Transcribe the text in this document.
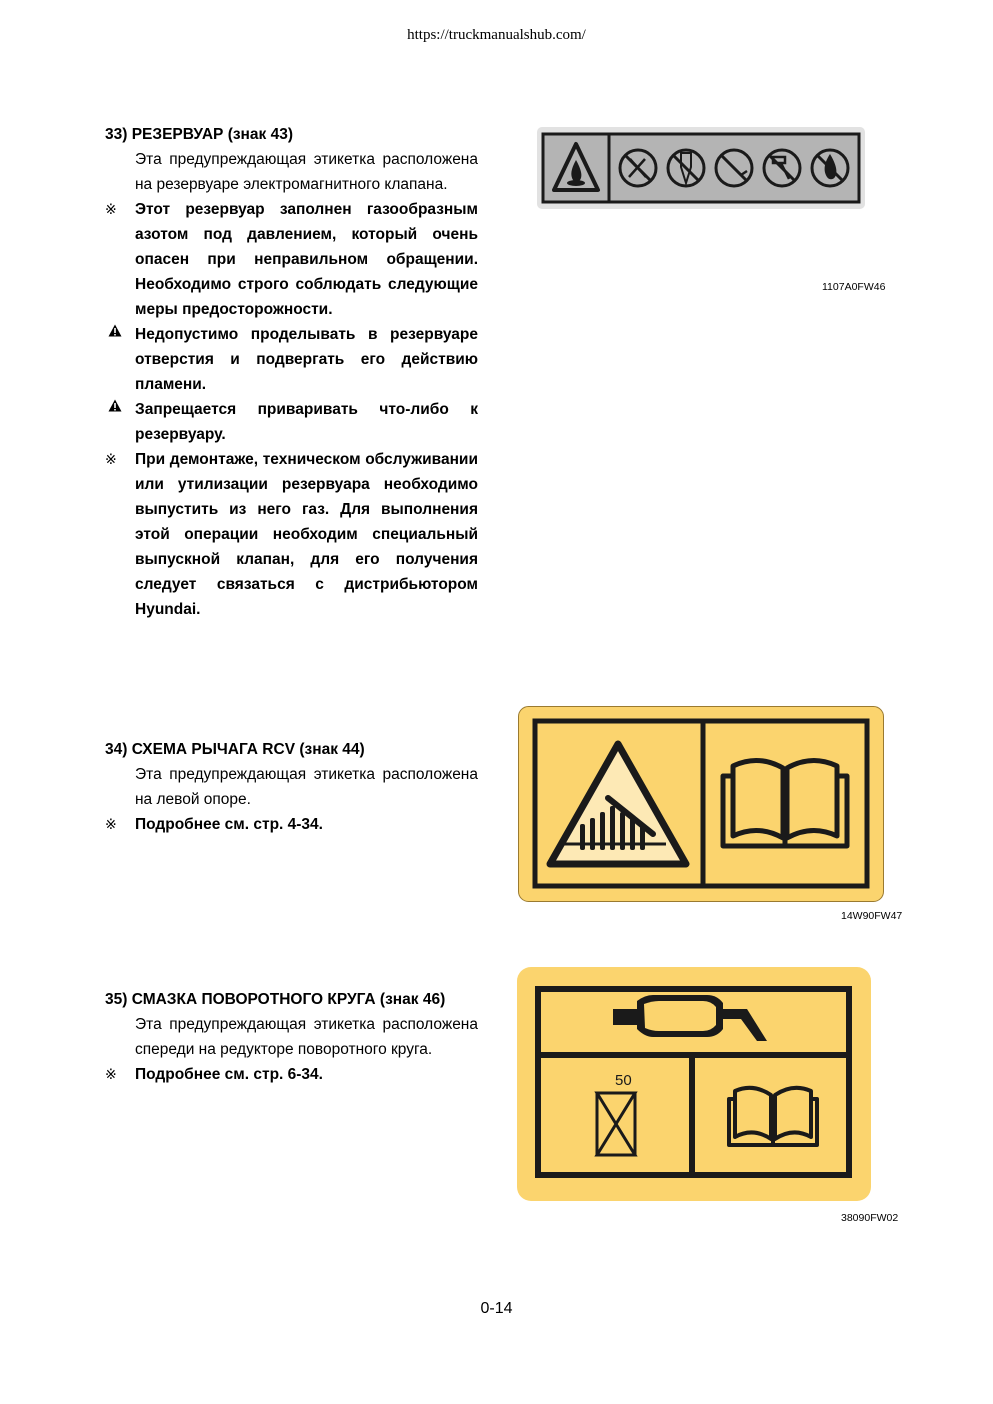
https://truckmanualshub.com/
33) РЕЗЕРВУАР (знак 43)

Эта предупреждающая этикетка расположена на резервуаре электромагнитного клапана.

※	Этот резервуар заполнен газообразным азотом под давлением, который очень опасен при неправильном обращении. Необходимо строго соблюдать следующие меры предосторожности.
Недопустимо проделывать в резервуаре отверстия и подвергать его действию пламени.
Запрещается приваривать что-либо к резервуару.
※	При демонтаже, техническом обслуживании или утилизации резервуара необходимо выпустить из него газ. Для выполнения этой операции необходим специальный выпускной клапан, для его получения следует связаться с дистрибьютором Hyundai.
1107A0FW46
34) СХЕМА РЫЧАГА RCV (знак 44)

Эта предупреждающая этикетка расположена на левой опоре.

※	Подробнее см. стр. 4-34.
14W90FW47
35) СМАЗКА ПОВОРОТНОГО КРУГА (знак 46)

Эта предупреждающая этикетка расположена спереди на редукторе поворотного круга.

※	Подробнее см. стр. 6-34.	50
38090FW02
0-14
